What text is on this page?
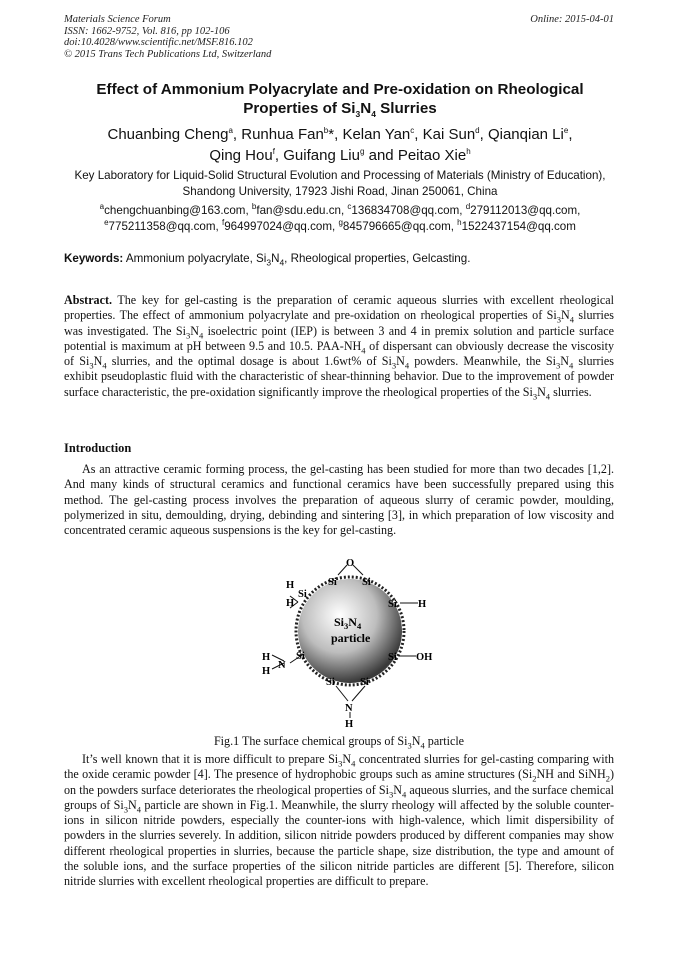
Materials Science Forum
ISSN: 1662-9752, Vol. 816, pp 102-106
doi:10.4028/www.scientific.net/MSF.816.102
© 2015 Trans Tech Publications Ltd, Switzerland
Online: 2015-04-01
Effect of Ammonium Polyacrylate and Pre-oxidation on Rheological
Properties of $Si_3N_4$ Slurries
Chuanbing Cheng$^a$, Runhua Fan$^b$*, Kelan Yan$^c$, Kai Sun$^d$, Qianqian Li$^e$,
Qing Hou$^f$, Guifang Liu$^g$ and Peitao Xie$^h$
Key Laboratory for Liquid-Solid Structural Evolution and Processing of Materials (Ministry of Education), Shandong University, 17923 Jishi Road, Jinan 250061, China
$^a$chengchuanbing@163.com, $^b$fan@sdu.edu.cn, $^c$136834708@qq.com, $^d$279112013@qq.com,
$^e$775211358@qq.com, $^f$964997024@qq.com, $^g$845796665@qq.com, $^h$1522437154@qq.com
Keywords: Ammonium polyacrylate, $Si_3N_4$, Rheological properties, Gelcasting.
Abstract. The key for gel-casting is the preparation of ceramic aqueous slurries with excellent rheological properties. The effect of ammonium polyacrylate and pre-oxidation on rheological properties of $Si_3N_4$ slurries was investigated. The $Si_3N_4$ isoelectric point (IEP) is between 3 and 4 in premix solution and particle surface potential is maximum at pH between 9.5 and 10.5. PAA-$NH_4$ of dispersant can obviously decrease the viscosity of $Si_3N_4$ slurries, and the optimal dosage is about 1.6wt% of $Si_3N_4$ powders. Meanwhile, the $Si_3N_4$ slurries exhibit pseudoplastic fluid with the characteristic of shear-thinning behavior. Due to the improvement of powder surface characteristic, the pre-oxidation significantly improve the rheological properties of the $Si_3N_4$ slurries.
Introduction
As an attractive ceramic forming process, the gel-casting has been studied for more than two decades [1,2]. And many kinds of structural ceramics and functional ceramics have been successfully prepared using this method. The gel-casting process involves the preparation of aqueous slurry of ceramic powder, moulding, polymerized in situ, demoulding, drying, debinding and sintering [3], in which preparation of low viscosity and concentrated ceramic aqueous suspensions is the key for gel-casting.
O
Si Si
H
Si
H	Si H
Si OH
Si
H
N
H
Si Si
N
H
$Si_3N_4$
particle
Fig.1 The surface chemical groups of $Si_3N_4$ particle
It’s well known that it is more difficult to prepare $Si_3N_4$ concentrated slurries for gel-casting comparing with the oxide ceramic powder [4]. The presence of hydrophobic groups such as amine structures ($Si_2NH$ and SiNH$_2$) on the powders surface deteriorates the rheological properties of $Si_3N_4$ aqueous slurries, and the surface chemical groups of $Si_3N_4$ particle are shown in Fig.1. Meanwhile, the slurry rheology will affected by the soluble counter-ions in silicon nitride powders, especially the counter-ions with high-valence, which limit dispersibility of powders in the slurries severely. In addition, silicon nitride powders produced by different companies may show different rheological properties in slurries, because the particle shape, size distribution, the type and amount of the soluble ions, and the surface properties of the silicon nitride particles are different [5]. Therefore, silicon nitride slurries with excellent rheological properties are difficult to prepare.
